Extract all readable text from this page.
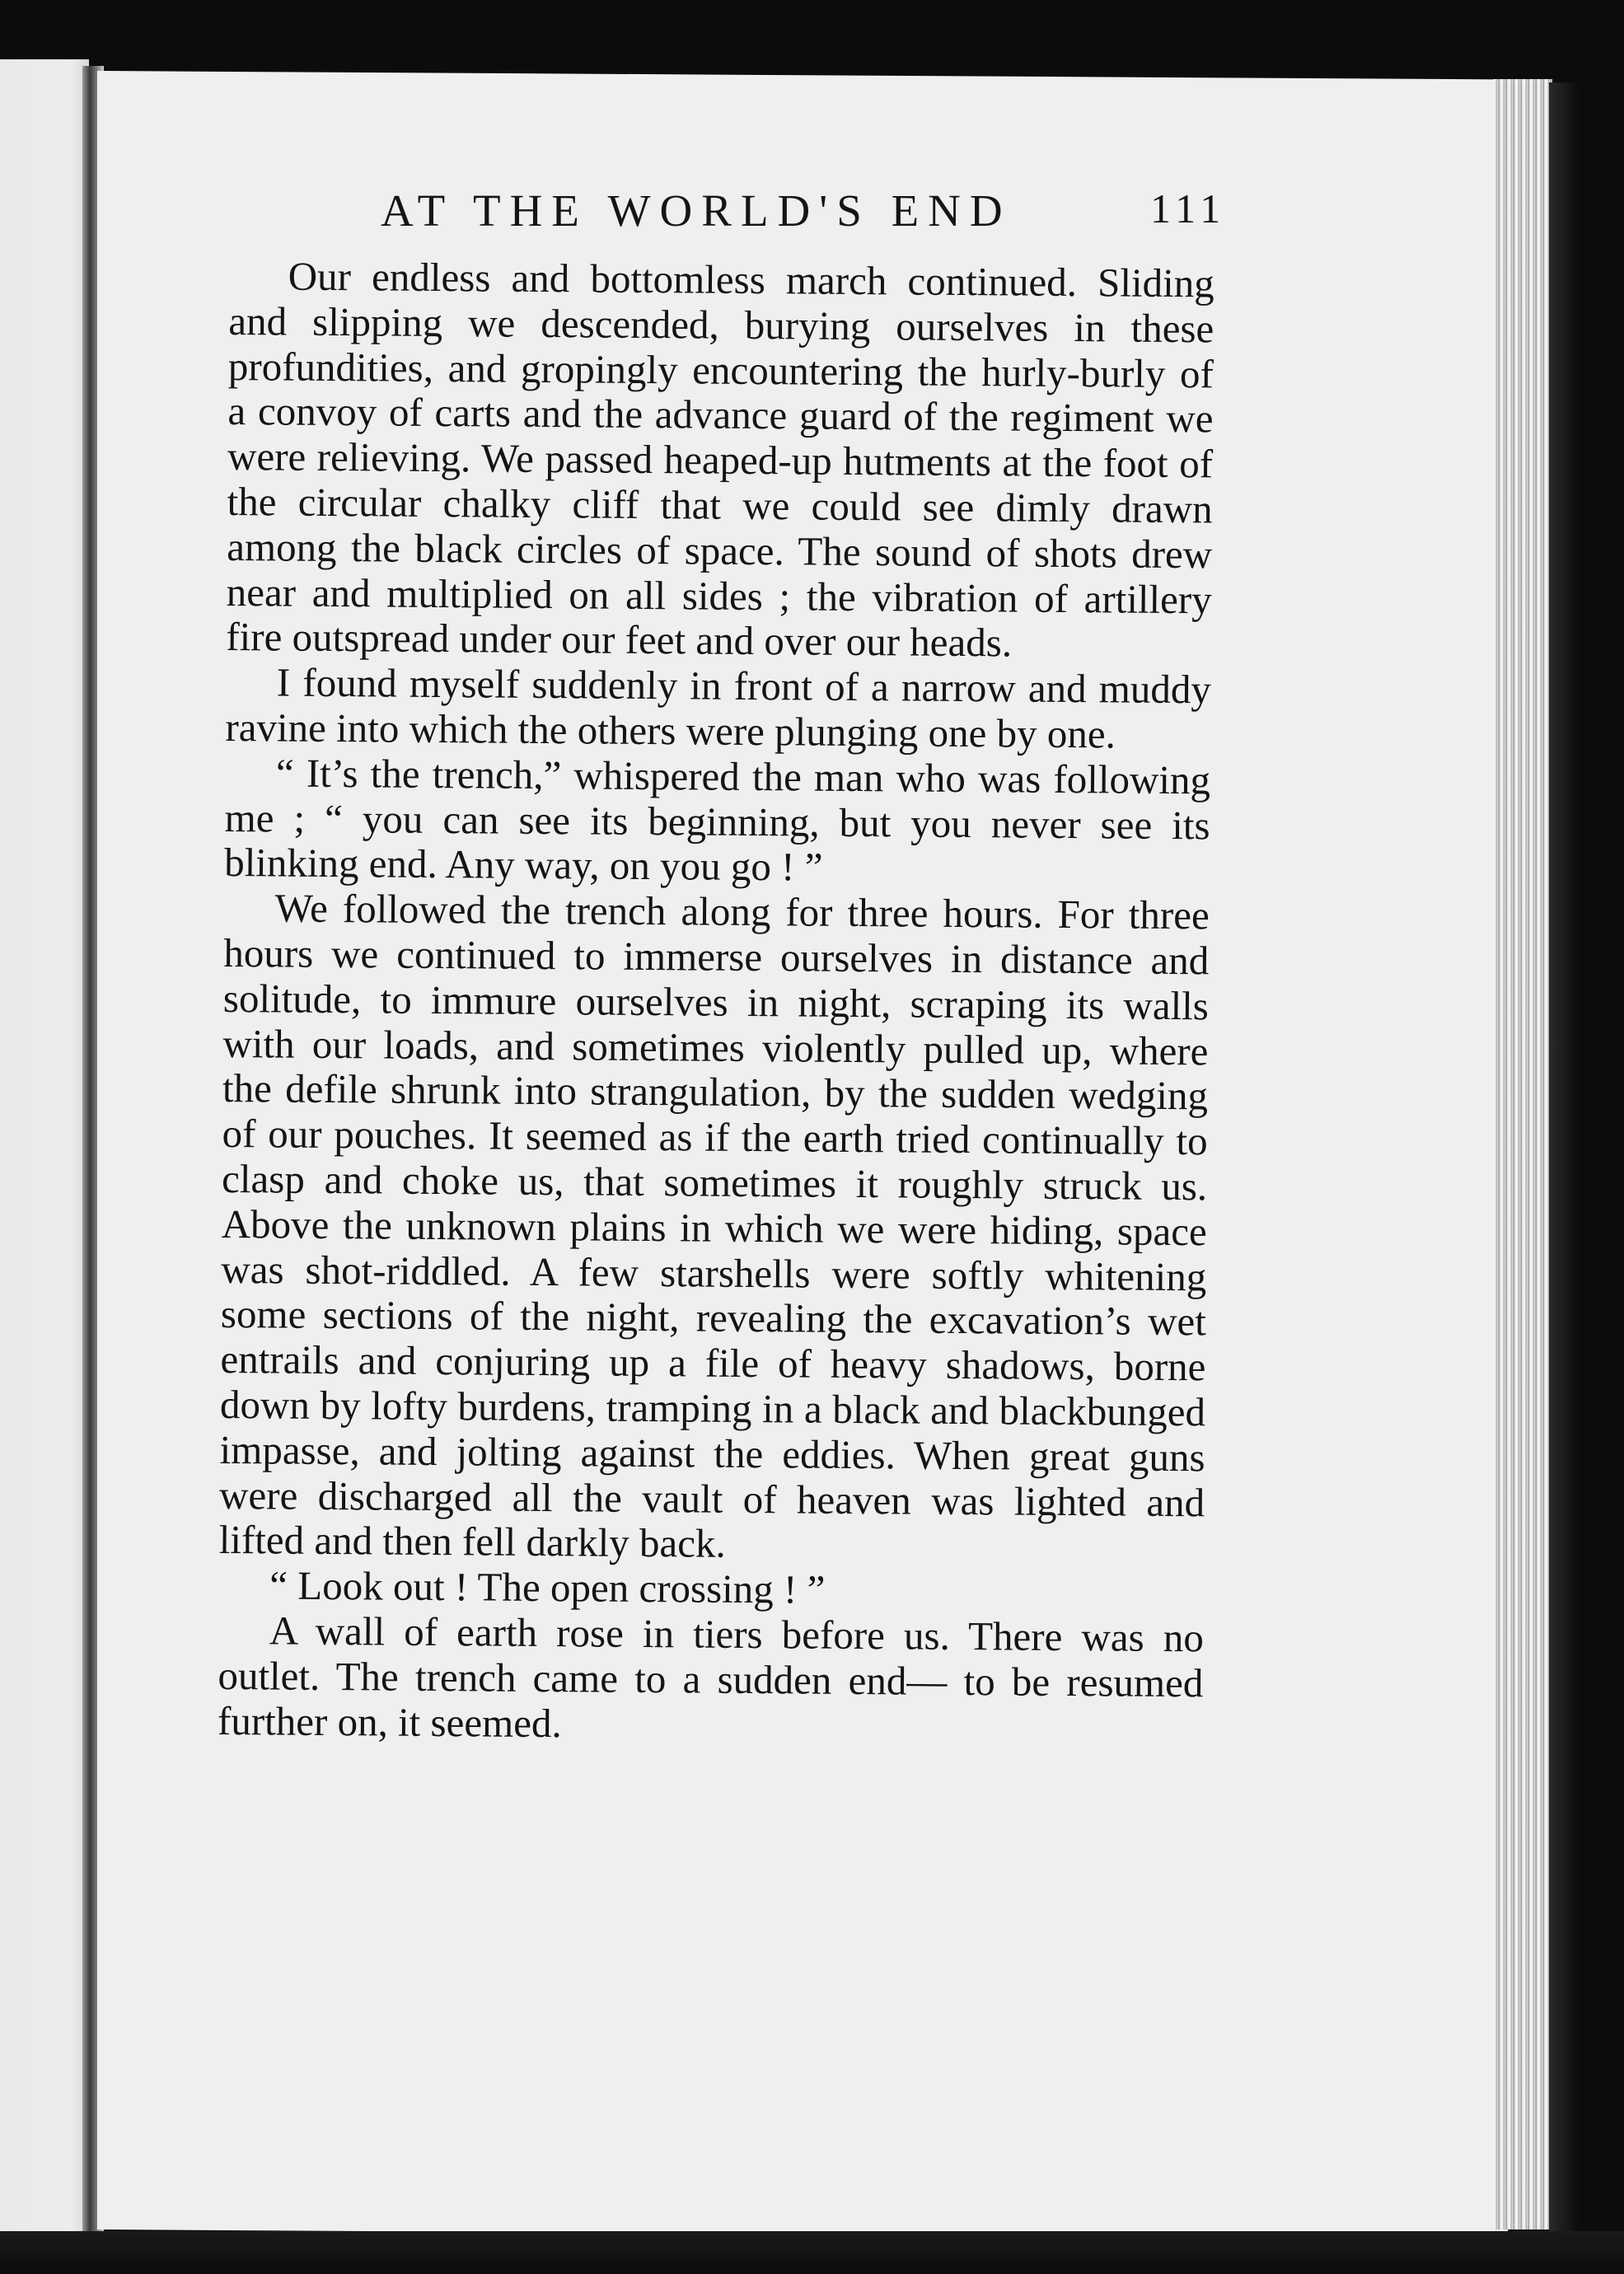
AT THE WORLD'S END	111

Our endless and bottomless march continued. Sliding and slipping we descended, burying ourselves in these profundities, and gropingly encountering the hurly-burly of a convoy of carts and the advance guard of the regiment we were relieving. We passed heaped-up hutments at the foot of the circular chalky cliff that we could see dimly drawn among the black circles of space. The sound of shots drew near and multiplied on all sides ; the vibration of artillery fire outspread under our feet and over our heads.

I found myself suddenly in front of a narrow and muddy ravine into which the others were plunging one by one.

“ It’s the trench,” whispered the man who was following me ; “ you can see its beginning, but you never see its blinking end. Any way, on you go ! ”

We followed the trench along for three hours. For three hours we continued to immerse ourselves in distance and solitude, to immure ourselves in night, scraping its walls with our loads, and sometimes violently pulled up, where the defile shrunk into strangulation, by the sudden wedging of our pouches. It seemed as if the earth tried continually to clasp and choke us, that sometimes it roughly struck us. Above the unknown plains in which we were hiding, space was shot-riddled. A few starshells were softly whitening some sections of the night, revealing the excavation’s wet entrails and conjuring up a file of heavy shadows, borne down by lofty burdens, tramping in a black and blackbunged impasse, and jolting against the eddies. When great guns were discharged all the vault of heaven was lighted and lifted and then fell darkly back.

“ Look out ! The open crossing ! ”

A wall of earth rose in tiers before us. There was no outlet. The trench came to a sudden end— to be resumed further on, it seemed.
